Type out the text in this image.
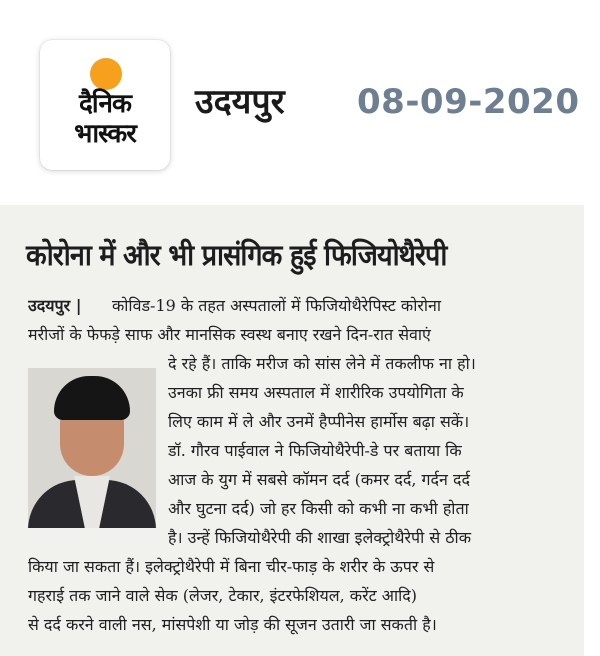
दैनिक
भास्कर
उदयपुर 08-09-2020
कोरोना में और भी प्रासंगिक हुई फिजियोथैरेपी
उदयपुर |	कोविड-19 के तहत अस्पतालों में फिजियोथैरेपिस्ट कोरोना
मरीजों के फेफड़े साफ और मानसिक स्वस्थ बनाए रखने दिन-रात सेवाएं
दे रहे हैं। ताकि मरीज को सांस लेने में तकलीफ ना हो।
उनका फ्री समय अस्पताल में शारीरिक उपयोगिता के
लिए काम में ले और उनमें हैप्पीनेस हार्मोस बढ़ा सकें।
डॉ. गौरव पाईवाल ने फिजियोथैरेपी-डे पर बताया कि
आज के युग में सबसे कॉमन दर्द (कमर दर्द, गर्दन दर्द
और घुटना दर्द) जो हर किसी को कभी ना कभी होता
है। उन्हें फिजियोथैरेपी की शाखा इलेक्ट्रोथैरेपी से ठीक
किया जा सकता हैं। इलेक्ट्रोथैरेपी में बिना चीर-फाड़ के शरीर के ऊपर से
गहराई तक जाने वाले सेक (लेजर, टेकार, इंटरफेशियल, करेंट आदि)
से दर्द करने वाली नस, मांसपेशी या जोड़ की सूजन उतारी जा सकती है।
